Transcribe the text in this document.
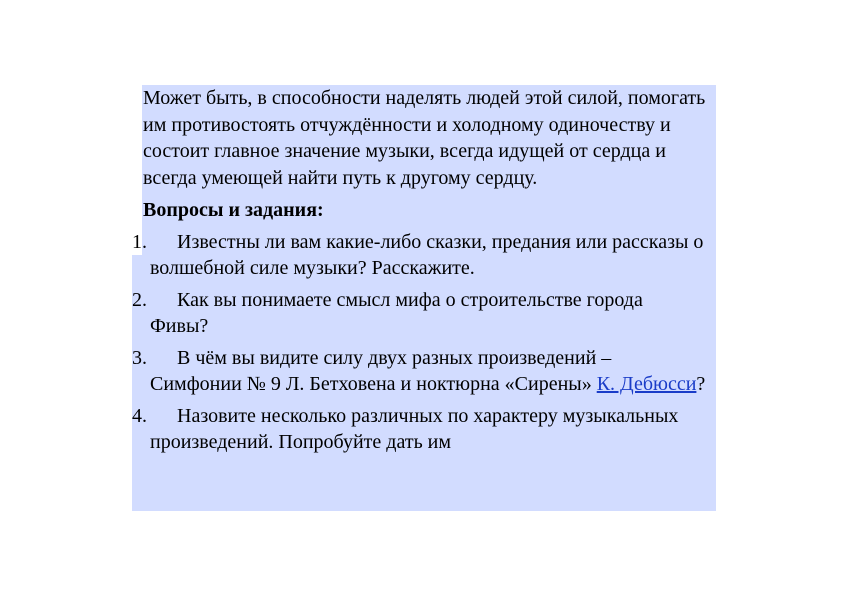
Может быть, в способности наделять людей этой силой, помогать им противостоять отчуждённости и холодному одиночеству и состоит главное значение музыки, всегда идущей от сердца и всегда умеющей найти путь к другому сердцу.

Вопросы и задания:

1.	Известны ли вам какие-либо сказки, предания или рассказы о волшебной силе музыки? Расскажите.
2.	Как вы понимаете смысл мифа о строительстве города Фивы?
3.	В чём вы видите силу двух разных произведений – Симфонии № 9 Л. Бетховена и ноктюрна «Сирены» К. Дебюсси?
4.	Назовите несколько различных по характеру музыкальных произведений. Попробуйте дать им
